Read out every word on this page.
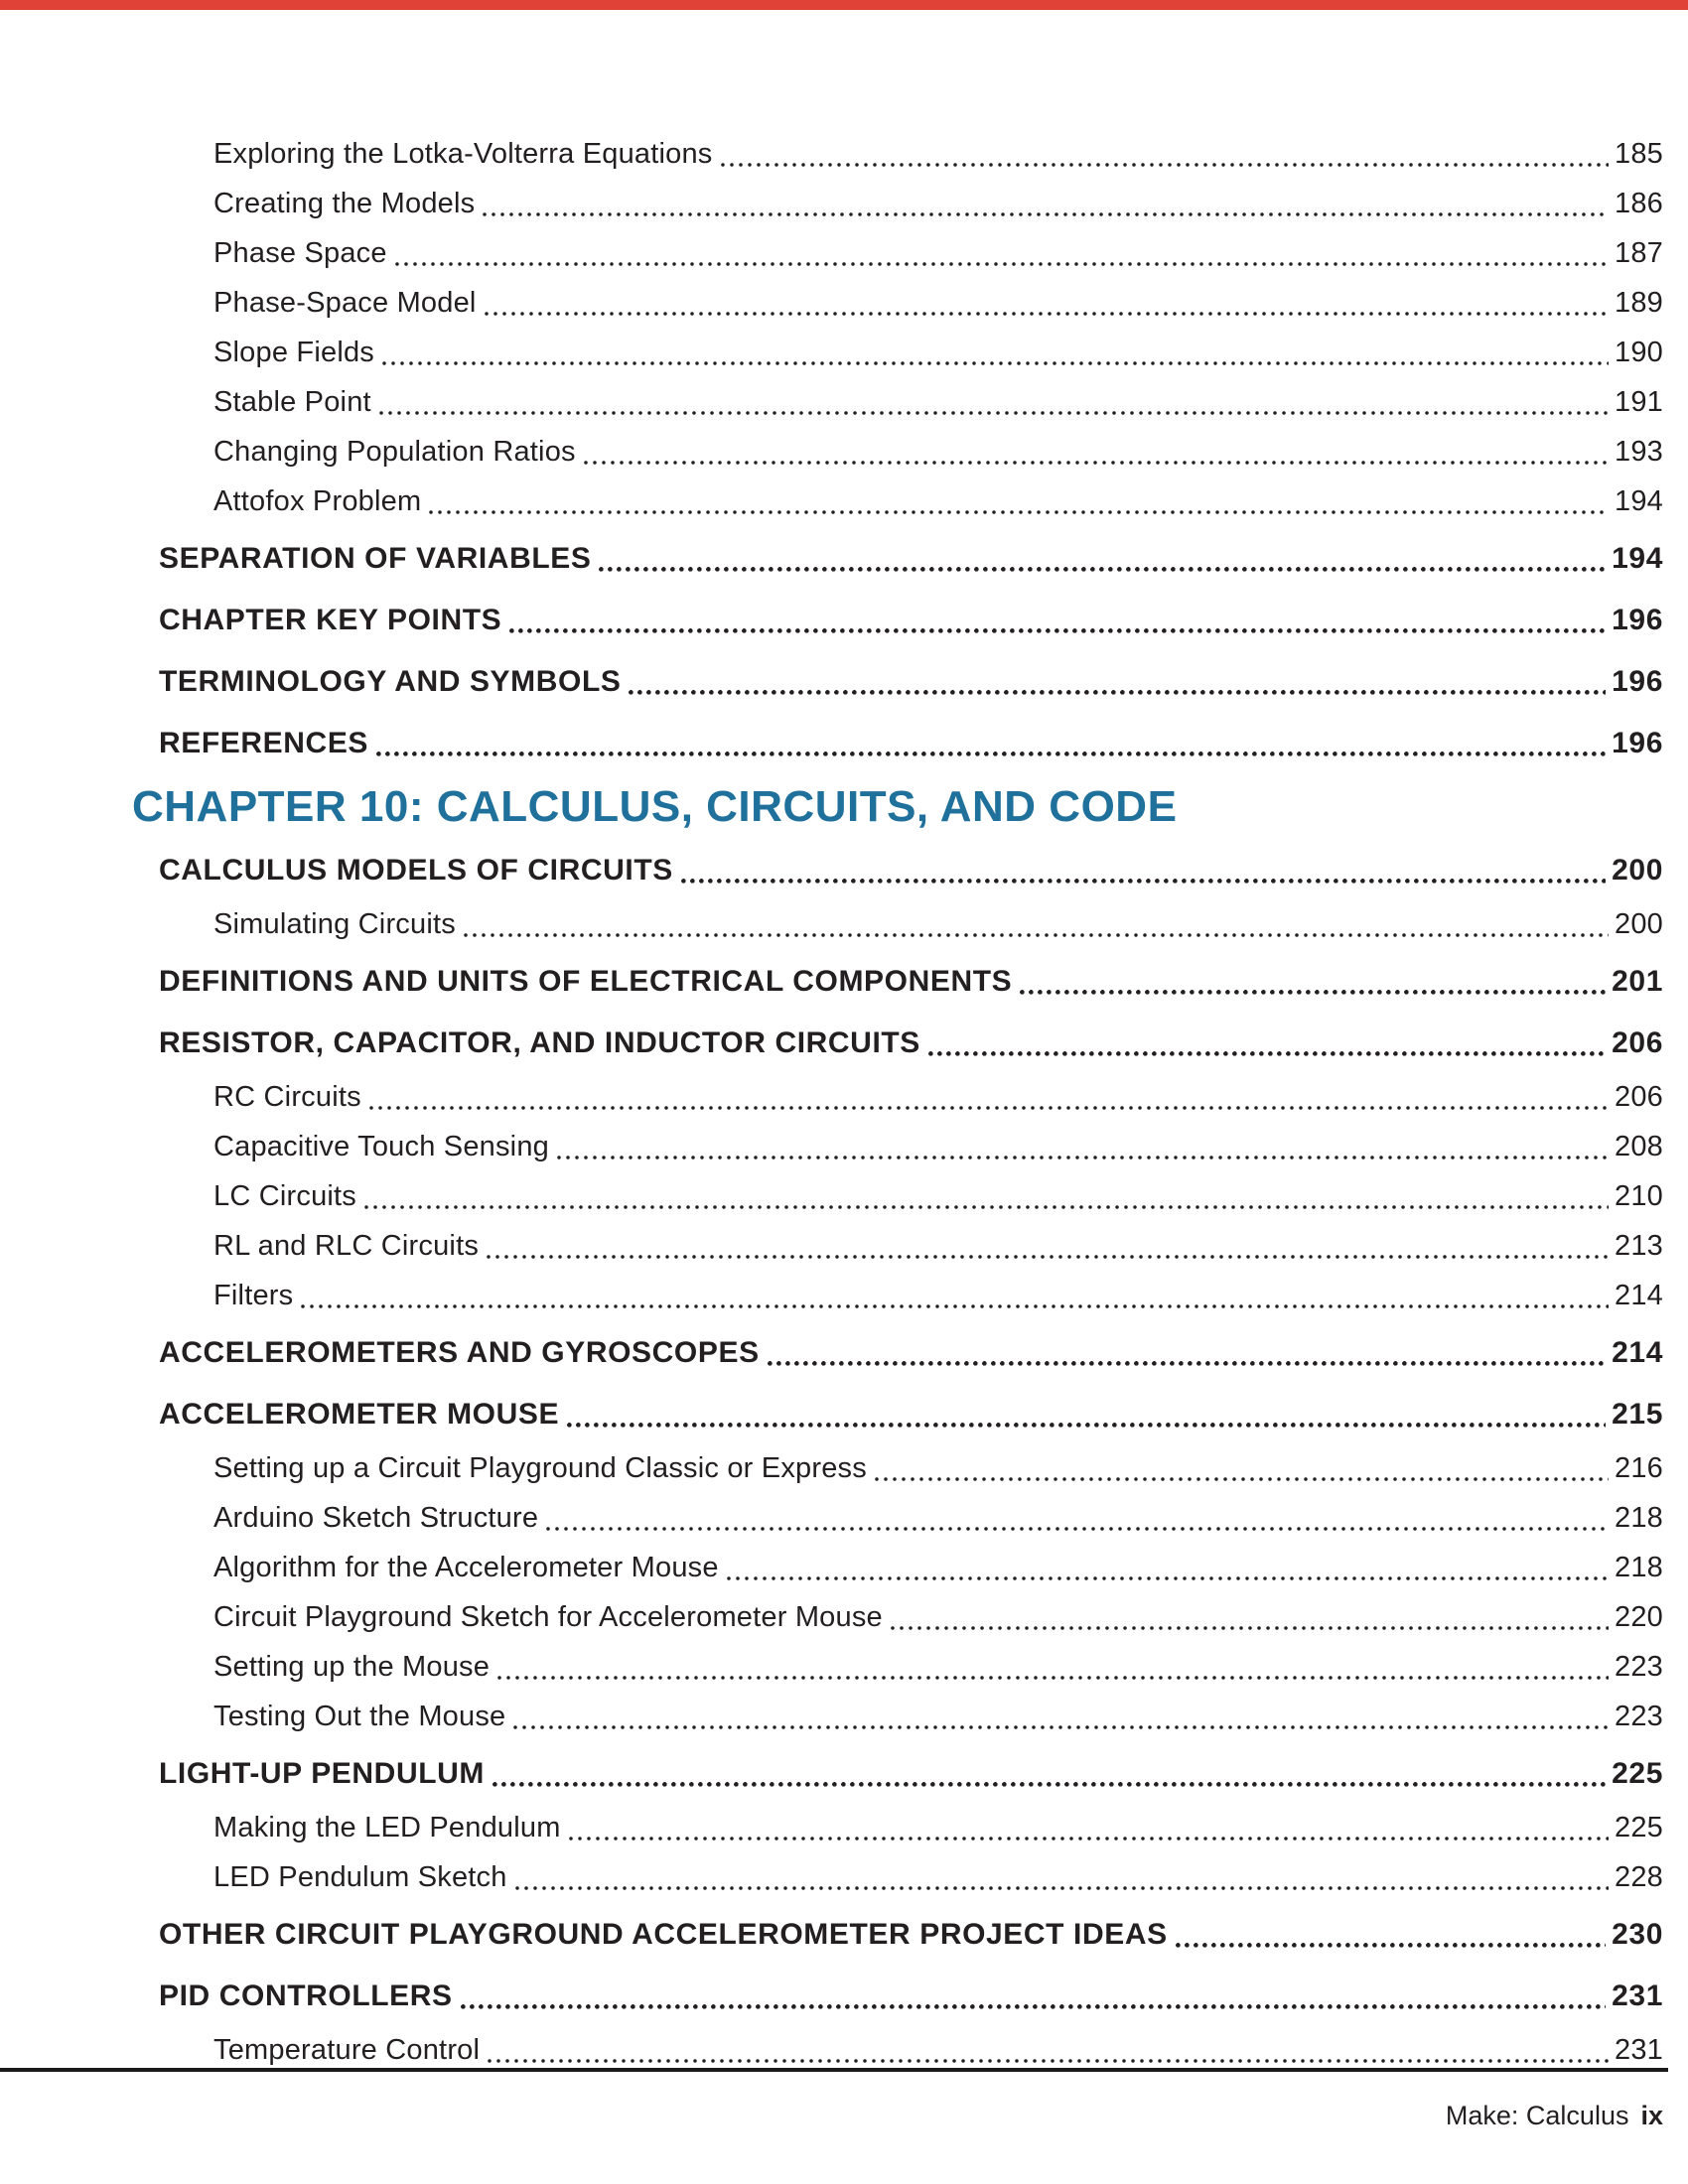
Exploring the Lotka-Volterra Equations	185
Creating the Models	186
Phase Space	187
Phase-Space Model	189
Slope Fields	190
Stable Point	191
Changing Population Ratios	193
Attofox Problem	194
SEPARATION OF VARIABLES	194
CHAPTER KEY POINTS	196
TERMINOLOGY AND SYMBOLS	196
REFERENCES	196
CHAPTER 10: CALCULUS, CIRCUITS, AND CODE
CALCULUS MODELS OF CIRCUITS	200
Simulating Circuits	200
DEFINITIONS AND UNITS OF ELECTRICAL COMPONENTS	201
RESISTOR, CAPACITOR, AND INDUCTOR CIRCUITS	206
RC Circuits	206
Capacitive Touch Sensing	208
LC Circuits	210
RL and RLC Circuits	213
Filters	214
ACCELEROMETERS AND GYROSCOPES	214
ACCELEROMETER MOUSE	215
Setting up a Circuit Playground Classic or Express	216
Arduino Sketch Structure	218
Algorithm for the Accelerometer Mouse	218
Circuit Playground Sketch for Accelerometer Mouse	220
Setting up the Mouse	223
Testing Out the Mouse	223
LIGHT-UP PENDULUM	225
Making the LED Pendulum	225
LED Pendulum Sketch	228
OTHER CIRCUIT PLAYGROUND ACCELEROMETER PROJECT IDEAS	230
PID CONTROLLERS	231
Temperature Control	231
Make: Calculus ix
